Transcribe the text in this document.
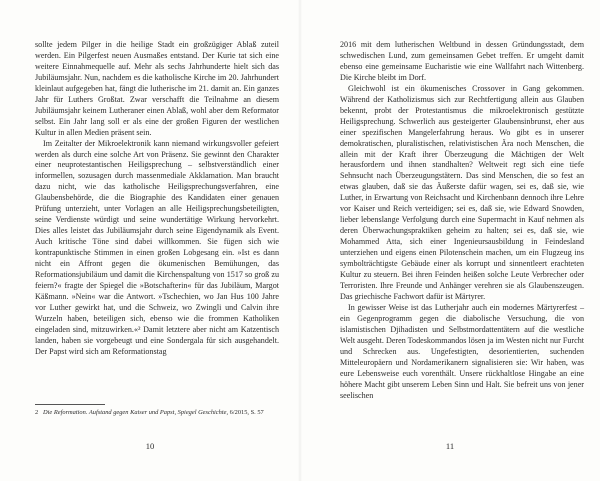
sollte jedem Pilger in die heilige Stadt ein großzügiger Ablaß zuteil werden. Ein Pilgerfest neuen Ausmaßes entstand. Der Kurie tat sich eine weitere Einnahmequelle auf. Mehr als sechs Jahrhunderte hielt sich das Jubiläumsjahr. Nun, nachdem es die katholische Kirche im 20. Jahrhundert kleinlaut aufgegeben hat, fängt die lutherische im 21. damit an. Ein ganzes Jahr für Luthers Großtat. Zwar verschafft die Teilnahme an diesem Jubiläumsjahr keinem Lutheraner einen Ablaß, wohl aber dem Reformator selbst. Ein Jahr lang soll er als eine der großen Figuren der westlichen Kultur in allen Medien präsent sein.

Im Zeitalter der Mikroelektronik kann niemand wirkungsvoller gefeiert werden als durch eine solche Art von Präsenz. Sie gewinnt den Charakter einer neuprotestantischen Heiligsprechung – selbstverständlich einer informellen, sozusagen durch massenmediale Akklamation. Man braucht dazu nicht, wie das katholische Heiligsprechungsverfahren, eine Glaubensbehörde, die die Biographie des Kandidaten einer genauen Prüfung unterzieht, unter Vorlagen an alle Heiligsprechungsbeteiligten, seine Verdienste würdigt und seine wundertätige Wirkung hervorkehrt. Dies alles leistet das Jubiläumsjahr durch seine Eigendynamik als Event. Auch kritische Töne sind dabei willkommen. Sie fügen sich wie kontrapunktische Stimmen in einen großen Lobgesang ein. »Ist es dann nicht ein Affront gegen die ökumenischen Bemühungen, das Reformationsjubiläum und damit die Kirchenspaltung von 1517 so groß zu feiern?« fragte der Spiegel die »Botschafterin« für das Jubiläum, Margot Käßmann. »Nein« war die Antwort. »Tschechien, wo Jan Hus 100 Jahre vor Luther gewirkt hat, und die Schweiz, wo Zwingli und Calvin ihre Wurzeln haben, beteiligen sich, ebenso wie die frommen Katholiken eingeladen sind, mitzuwirken.«² Damit letztere aber nicht am Katzentisch landen, haben sie vorgebeugt und eine Sondergala für sich ausgehandelt. Der Papst wird sich am Reformationstag

2 Die Reformation. Aufstand gegen Kaiser und Papst, Spiegel Geschichte, 6/2015, S. 57
10

2016 mit dem lutherischen Weltbund in dessen Gründungsstadt, dem schwedischen Lund, zum gemeinsamen Gebet treffen. Er umgeht damit ebenso eine gemeinsame Eucharistie wie eine Wallfahrt nach Wittenberg. Die Kirche bleibt im Dorf.

Gleichwohl ist ein ökumenisches Crossover in Gang gekommen. Während der Katholizismus sich zur Rechtfertigung allein aus Glauben bekennt, probt der Protestantismus die mikroelektronisch gestützte Heiligsprechung. Schwerlich aus gesteigerter Glaubensinbrunst, eher aus einer spezifischen Mangelerfahrung heraus. Wo gibt es in unserer demokratischen, pluralistischen, relativistischen Ära noch Menschen, die allein mit der Kraft ihrer Überzeugung die Mächtigen der Welt herausfordern und ihnen standhalten? Weltweit regt sich eine tiefe Sehnsucht nach Überzeugungstätern. Das sind Menschen, die so fest an etwas glauben, daß sie das Äußerste dafür wagen, sei es, daß sie, wie Luther, in Erwartung von Reichsacht und Kirchenbann dennoch ihre Lehre vor Kaiser und Reich verteidigen; sei es, daß sie, wie Edward Snowden, lieber lebenslange Verfolgung durch eine Supermacht in Kauf nehmen als deren Überwachungspraktiken geheim zu halten; sei es, daß sie, wie Mohammed Atta, sich einer Ingenieursausbildung in Feindesland unterziehen und eigens einen Pilotenschein machen, um ein Flugzeug ins symbolträchtigste Gebäude einer als korrupt und sinnentleert erachteten Kultur zu steuern. Bei ihren Feinden heißen solche Leute Verbrecher oder Terroristen. Ihre Freunde und Anhänger verehren sie als Glaubenszeugen. Das griechische Fachwort dafür ist Märtyrer.

In gewisser Weise ist das Lutherjahr auch ein modernes Märtyrerfest – ein Gegenprogramm gegen die diabolische Versuchung, die von islamistischen Djihadisten und Selbstmordattentätern auf die westliche Welt ausgeht. Deren Todeskommandos lösen ja im Westen nicht nur Furcht und Schrecken aus. Ungefestigten, desorientierten, suchenden Mitteleuropäern und Nordamerikanern signalisieren sie: Wir haben, was eure Lebensweise euch vorenthält. Unsere rückhaltlose Hingabe an eine höhere Macht gibt unserem Leben Sinn und Halt. Sie befreit uns von jener seelischen

11
